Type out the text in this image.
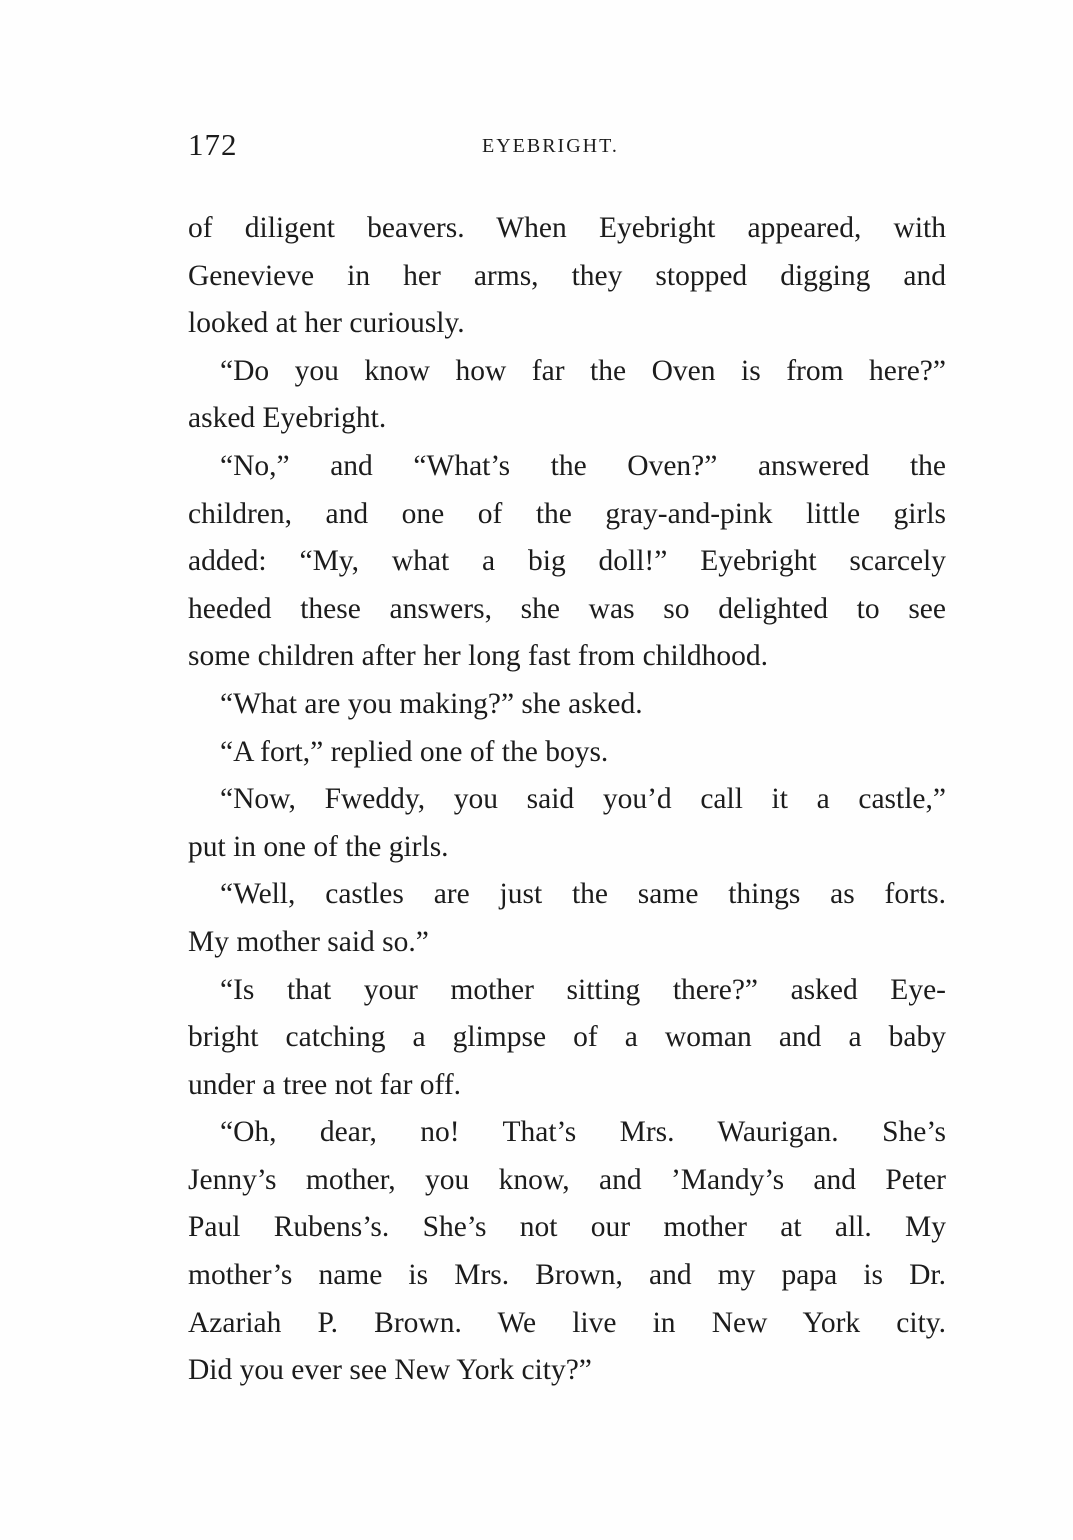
172	EYEBRIGHT.
of diligent beavers. When Eyebright appeared, with
Genevieve in her arms, they stopped digging and
looked at her curiously.
“Do you know how far the Oven is from here?”
asked Eyebright.
“No,” and “What’s the Oven?” answered the
children, and one of the gray-and-pink little girls
added: “My, what a big doll!” Eyebright scarcely
heeded these answers, she was so delighted to see
some children after her long fast from childhood.
“What are you making?” she asked.
“A fort,” replied one of the boys.
“Now, Fweddy, you said you’d call it a castle,”
put in one of the girls.
“Well, castles are just the same things as forts.
My mother said so.”
“Is that your mother sitting there?” asked Eye-
bright catching a glimpse of a woman and a baby
under a tree not far off.
“Oh, dear, no! That’s Mrs. Waurigan. She’s
Jenny’s mother, you know, and ’Mandy’s and Peter
Paul Rubens’s. She’s not our mother at all. My
mother’s name is Mrs. Brown, and my papa is Dr.
Azariah P. Brown. We live in New York city.
Did you ever see New York city?”
